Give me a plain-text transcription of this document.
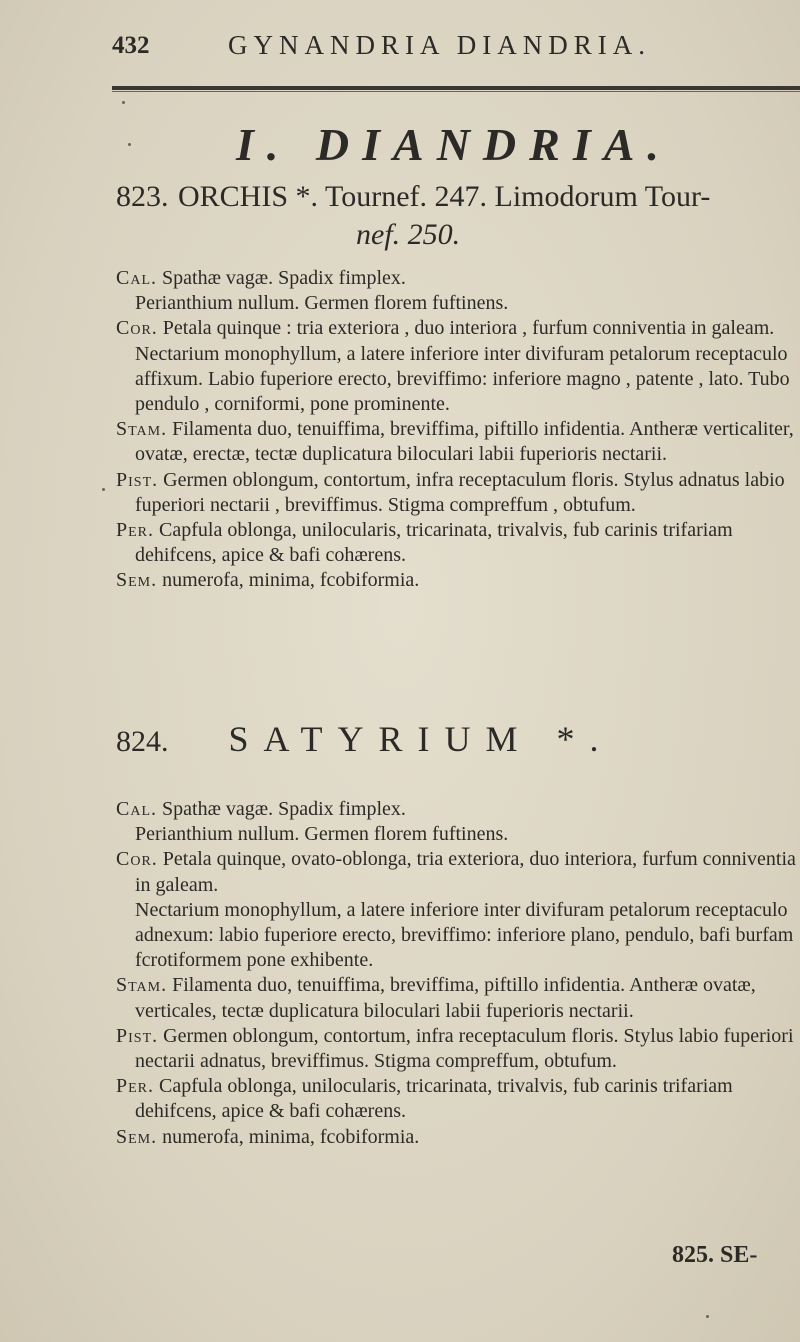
432	GYNANDRIA DIANDRIA.
I. DIANDRIA.
823. ORCHIS *. Tournef. 247. Limodorum Tour-
nef. 250.
Cal. Spathæ vagæ. Spadix fimplex.
Perianthium nullum. Germen florem fuftinens.
Cor. Petala quinque : tria exteriora , duo interiora , furfum conniventia in galeam.
Nectarium monophyllum, a latere inferiore inter divifuram petalorum receptaculo affixum. Labio fuperiore erecto, breviffimo: inferiore magno , patente , lato. Tubo pendulo , corniformi, pone prominente.
Stam. Filamenta duo, tenuiffima, breviffima, piftillo infidentia. Antheræ verticaliter, ovatæ, erectæ, tectæ duplicatura biloculari labii fuperioris nectarii.
Pist. Germen oblongum, contortum, infra receptaculum floris. Stylus adnatus labio fuperiori nectarii , breviffimus. Stigma compreffum , obtufum.
Per. Capfula oblonga, unilocularis, tricarinata, trivalvis, fub carinis trifariam dehifcens, apice & bafi cohærens.
Sem. numerofa, minima, fcobiformia.
824. SATYRIUM *.
Cal. Spathæ vagæ. Spadix fimplex.
Perianthium nullum. Germen florem fuftinens.
Cor. Petala quinque, ovato-oblonga, tria exteriora, duo interiora, furfum conniventia in galeam.
Nectarium monophyllum, a latere inferiore inter divifuram petalorum receptaculo adnexum: labio fuperiore erecto, breviffimo: inferiore plano, pendulo, bafi burfam fcrotiformem pone exhibente.
Stam. Filamenta duo, tenuiffima, breviffima, piftillo infidentia. Antheræ ovatæ, verticales, tectæ duplicatura biloculari labii fuperioris nectarii.
Pist. Germen oblongum, contortum, infra receptaculum floris. Stylus labio fuperiori nectarii adnatus, breviffimus. Stigma compreffum, obtufum.
Per. Capfula oblonga, unilocularis, tricarinata, trivalvis, fub carinis trifariam dehifcens, apice & bafi cohærens.
Sem. numerofa, minima, fcobiformia.
825. SE-
